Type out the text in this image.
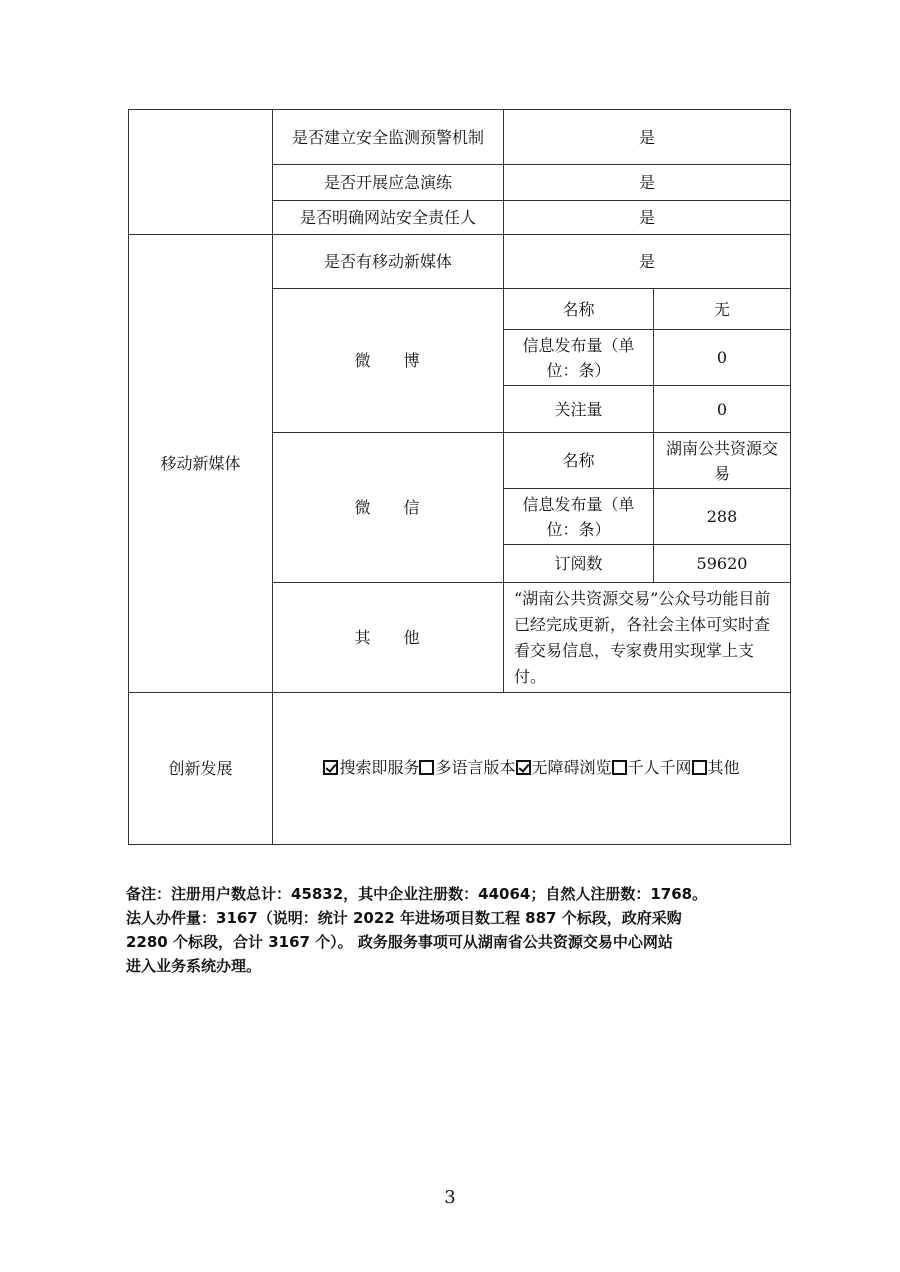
	是否建立安全监测预警机制	是	
	是否开展应急演练	是	
	是否明确网站安全责任人	是	
移动新媒体	是否有移动新媒体	是	
	微 博	名称	无
		信息发布量（单位：条）	0
		关注量	0
	微 信	名称	湖南公共资源交易
		信息发布量（单位：条）	288
		订阅数	59620
	其 他	“湖南公共资源交易”公众号功能目前已经完成更新，各社会主体可实时查看交易信息，专家费用实现掌上支付。	
创新发展	搜索即服务 多语言版本 无障碍浏览 千人千网 其他		

备注：注册用户数总计：45832，其中企业注册数：44064；自然人注册数：1768。

法人办件量：3167（说明：统计 2022 年进场项目数工程 887 个标段，政府采购

2280 个标段，合计 3167 个）。 政务服务事项可从湖南省公共资源交易中心网站

进入业务系统办理。

3
